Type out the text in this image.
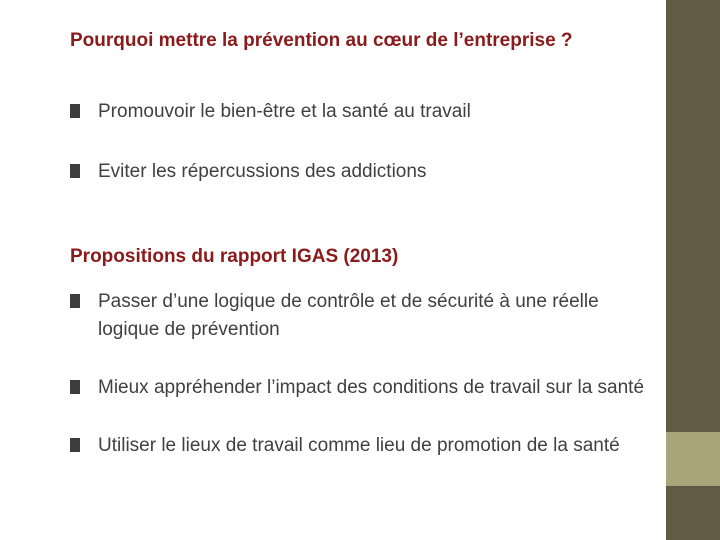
Pourquoi mettre la prévention au cœur de l’entreprise ?
Promouvoir le bien-être et la santé au travail
Eviter les répercussions des addictions
Propositions du rapport IGAS (2013)
Passer d’une logique de contrôle et de sécurité à une réelle logique de prévention
Mieux appréhender l’impact des conditions de travail sur la santé
Utiliser le lieux de travail comme lieu de promotion de la santé
